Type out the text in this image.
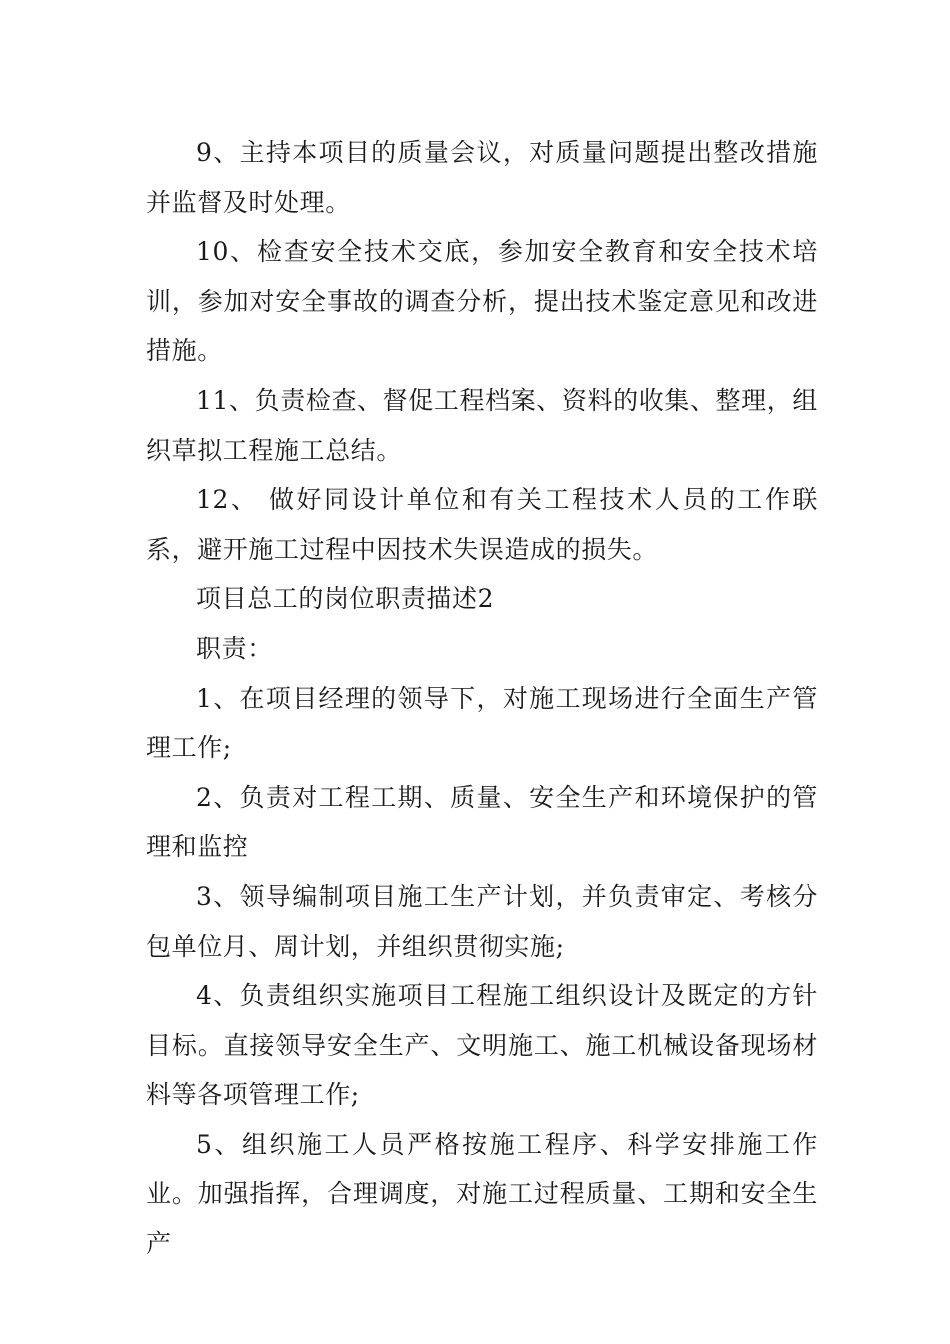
9、主持本项目的质量会议，对质量问题提出整改措施并监督及时处理。

10、检查安全技术交底，参加安全教育和安全技术培训，参加对安全事故的调查分析，提出技术鉴定意见和改进措施。

11、负责检查、督促工程档案、资料的收集、整理，组织草拟工程施工总结。

12、 做好同设计单位和有关工程技术人员的工作联系，避开施工过程中因技术失误造成的损失。

项目总工的岗位职责描述2

职责：

1、在项目经理的领导下，对施工现场进行全面生产管理工作;

2、负责对工程工期、质量、安全生产和环境保护的管理和监控

3、领导编制项目施工生产计划，并负责审定、考核分包单位月、周计划，并组织贯彻实施;

4、负责组织实施项目工程施工组织设计及既定的方针目标。直接领导安全生产、文明施工、施工机械设备现场材料等各项管理工作;

5、组织施工人员严格按施工程序、科学安排施工作业。加强指挥，合理调度，对施工过程质量、工期和安全生产
